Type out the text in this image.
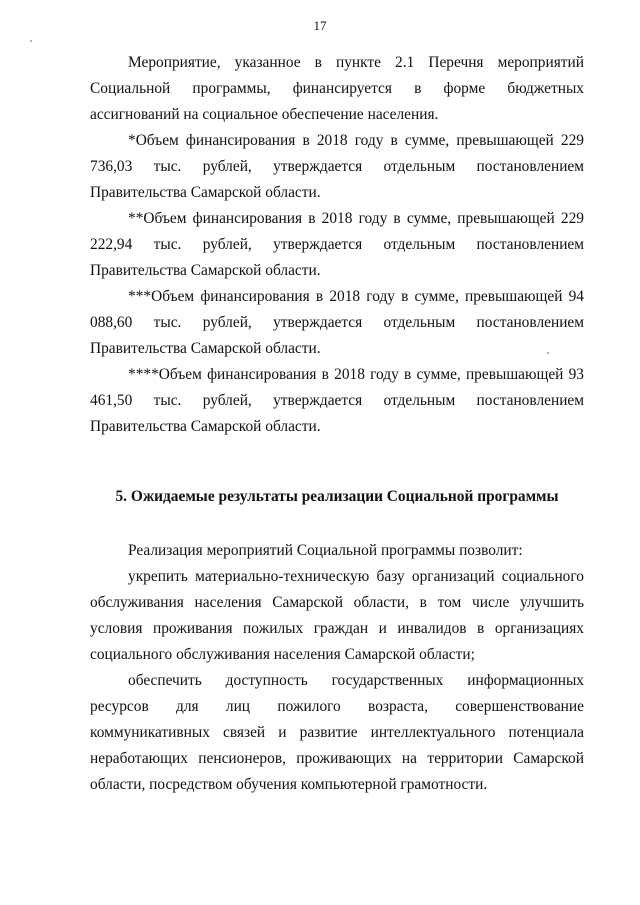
17

Мероприятие, указанное в пункте 2.1 Перечня мероприятий Социальной программы, финансируется в форме бюджетных ассигнований на социальное обеспечение населения.

*Объем финансирования в 2018 году в сумме, превышающей 229 736,03 тыс. рублей, утверждается отдельным постановлением Правительства Самарской области.

**Объем финансирования в 2018 году в сумме, превышающей 229 222,94 тыс. рублей, утверждается отдельным постановлением Правительства Самарской области.

***Объем финансирования в 2018 году в сумме, превышающей 94 088,60 тыс. рублей, утверждается отдельным постановлением Правительства Самарской области.

****Объем финансирования в 2018 году в сумме, превышающей 93 461,50 тыс. рублей, утверждается отдельным постановлением Правительства Самарской области.

5. Ожидаемые результаты реализации Социальной программы

Реализация мероприятий Социальной программы позволит:

укрепить материально-техническую базу организаций социального обслуживания населения Самарской области, в том числе улучшить условия проживания пожилых граждан и инвалидов в организациях социального обслуживания населения Самарской области;

обеспечить доступность государственных информационных ресурсов для лиц пожилого возраста, совершенствование коммуникативных связей и развитие интеллектуального потенциала неработающих пенсионеров, проживающих на территории Самарской области, посредством обучения компьютерной грамотности.
